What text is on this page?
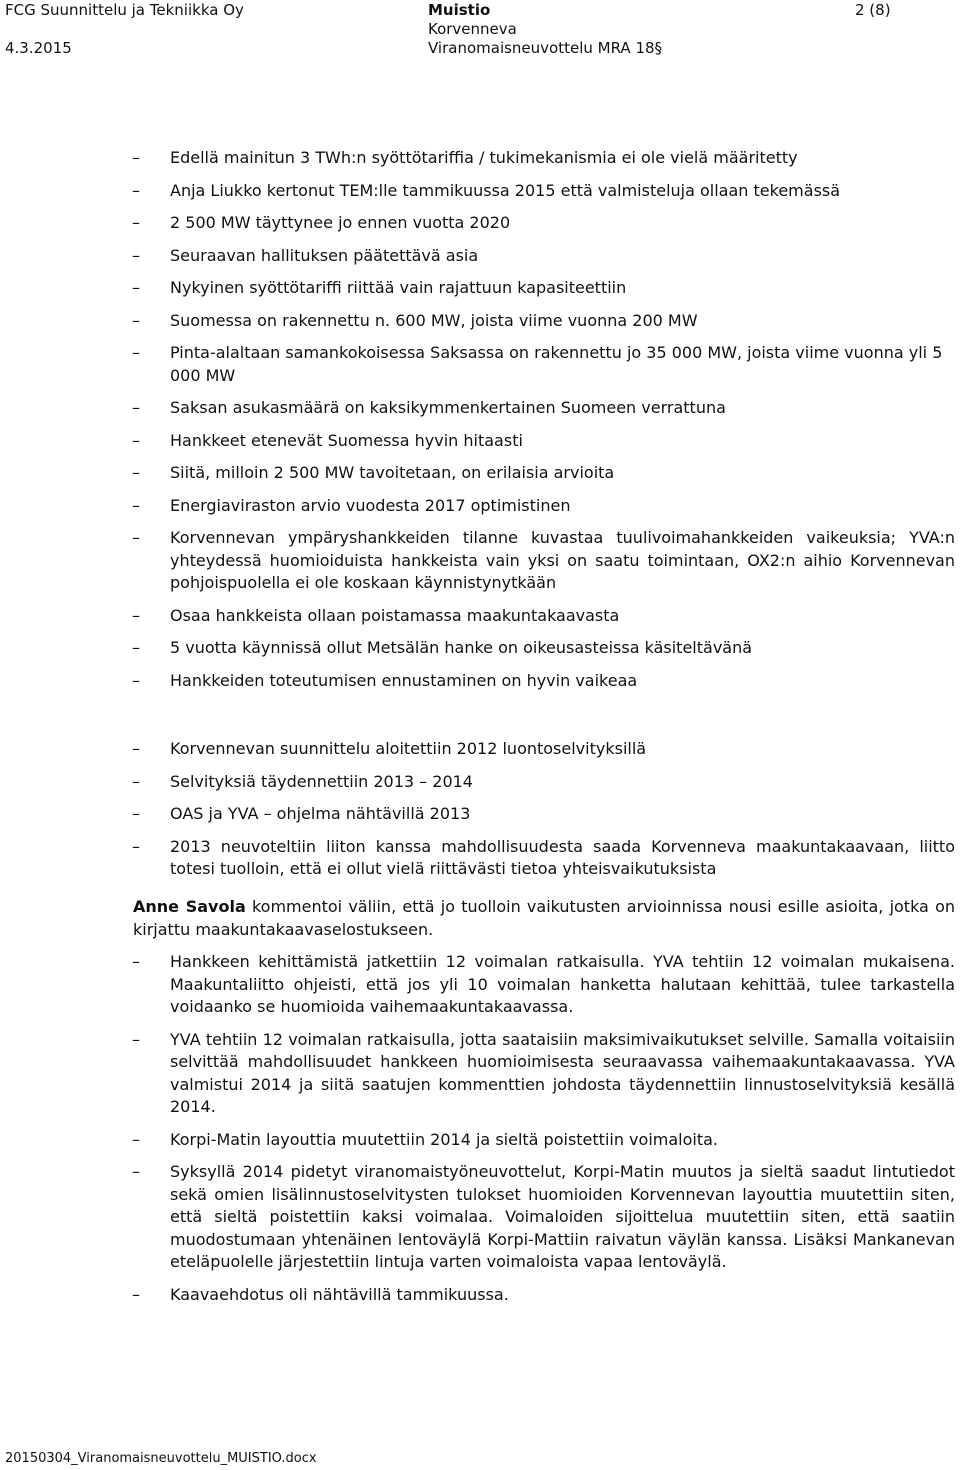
FCG Suunnittelu ja Tekniikka Oy
4.3.2015
Muistio
Korvenneva
Viranomaisneuvottelu MRA 18§
2 (8)
– Edellä mainitun 3 TWh:n syöttötariffia / tukimekanismia ei ole vielä määritetty
– Anja Liukko kertonut TEM:lle tammikuussa 2015 että valmisteluja ollaan tekemässä
– 2 500 MW täyttynee jo ennen vuotta 2020
– Seuraavan hallituksen päätettävä asia
– Nykyinen syöttötariffi riittää vain rajattuun kapasiteettiin
– Suomessa on rakennettu n. 600 MW, joista viime vuonna 200 MW
– Pinta-alaltaan samankokoisessa Saksassa on rakennettu jo 35 000 MW, joista viime vuonna yli 5 000 MW
– Saksan asukasmäärä on kaksikymmenkertainen Suomeen verrattuna
– Hankkeet etenevät Suomessa hyvin hitaasti
– Siitä, milloin 2 500 MW tavoitetaan, on erilaisia arvioita
– Energiaviraston arvio vuodesta 2017 optimistinen
– Korvennevan ympäryshankkeiden tilanne kuvastaa tuulivoimahankkeiden vaikeuksia; YVA:n yhteydessä huomioiduista hankkeista vain yksi on saatu toimintaan, OX2:n aihio Korvennevan pohjoispuolella ei ole koskaan käynnistynytkään
– Osaa hankkeista ollaan poistamassa maakuntakaavasta
– 5 vuotta käynnissä ollut Metsälän hanke on oikeusasteissa käsiteltävänä
– Hankkeiden toteutumisen ennustaminen on hyvin vaikeaa
– Korvennevan suunnittelu aloitettiin 2012 luontoselvityksillä
– Selvityksiä täydennettiin 2013 – 2014
– OAS ja YVA – ohjelma nähtävillä 2013
– 2013 neuvoteltiin liiton kanssa mahdollisuudesta saada Korvenneva maakuntakaavaan, liitto totesi tuolloin, että ei ollut vielä riittävästi tietoa yhteisvaikutuksista
Anne Savola kommentoi väliin, että jo tuolloin vaikutusten arvioinnissa nousi esille asioita, jotka on kirjattu maakuntakaavaselostukseen.
– Hankkeen kehittämistä jatkettiin 12 voimalan ratkaisulla. YVA tehtiin 12 voimalan mukaisena. Maakuntaliitto ohjeisti, että jos yli 10 voimalan hanketta halutaan kehittää, tulee tarkastella voidaanko se huomioida vaihemaakuntakaavassa.
– YVA tehtiin 12 voimalan ratkaisulla, jotta saataisiin maksimivaikutukset selville. Samalla voitaisiin selvittää mahdollisuudet hankkeen huomioimisesta seuraavassa vaihemaakuntakaavassa. YVA valmistui 2014 ja siitä saatujen kommenttien johdosta täydennettiin linnustoselvityksiä kesällä 2014.
– Korpi-Matin layouttia muutettiin 2014 ja sieltä poistettiin voimaloita.
– Syksyllä 2014 pidetyt viranomaistyöneuvottelut, Korpi-Matin muutos ja sieltä saadut lintutiedot sekä omien lisälinnustoselvitysten tulokset huomioiden Korvennevan layouttia muutettiin siten, että sieltä poistettiin kaksi voimalaa. Voimaloiden sijoittelua muutettiin siten, että saatiin muodostumaan yhtenäinen lentoväylä Korpi-Mattiin raivatun väylän kanssa. Lisäksi Mankanevan eteläpuolelle järjestettiin lintuja varten voimaloista vapaa lentoväylä.
– Kaavaehdotus oli nähtävillä tammikuussa.
20150304_Viranomaisneuvottelu_MUISTIO.docx
